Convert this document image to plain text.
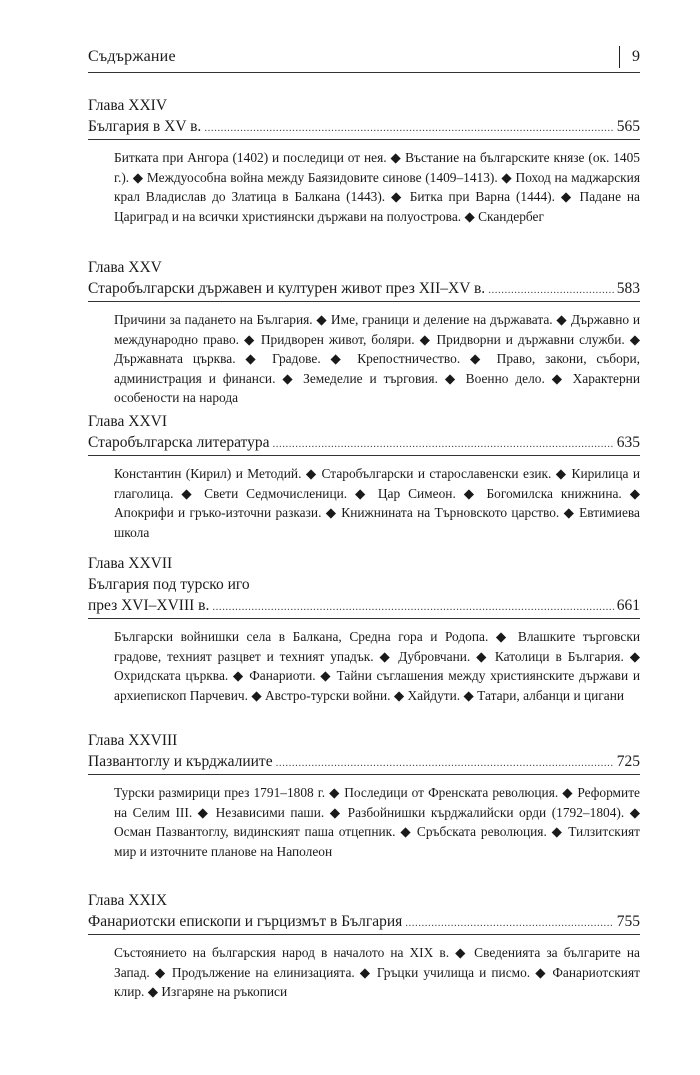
Съдържание	9
Глава XXIV
България в XV в. .....	565
Битката при Ангора (1402) и последици от нея. ◆ Въстание на българските князе (ок. 1405 г.). ◆ Междуособна война между Баязидовите синове (1409–1413). ◆ Поход на маджарския крал Владислав до Златица в Балкана (1443). ◆ Битка при Варна (1444). ◆ Падане на Цариград и на всички християнски държави на полуострова. ◆ Скандербег
Глава XXV
Старобългарски държавен и културен живот през XII–XV в. .....	583
Причини за падането на България. ◆ Име, граници и деление на държавата. ◆ Държавно и международно право. ◆ Придворен живот, боляри. ◆ Придворни и държавни служби. ◆ Държавната църква. ◆ Градове. ◆ Крепостничество. ◆ Право, закони, събори, администрация и финанси. ◆ Земеделие и търговия. ◆ Военно дело. ◆ Характерни особености на народа
Глава XXVI
Старобългарска литература .....	635
Константин (Кирил) и Методий. ◆ Старобългарски и старославенски език. ◆ Кирилица и глаголица. ◆ Свети Седмочисленици. ◆ Цар Симеон. ◆ Богомилска книжнина. ◆ Апокрифи и гръко-източни разкази. ◆ Книжнината на Търновското царство. ◆ Евтимиева школа
Глава XXVII
България под турско иго
през XVI–XVIII в. .....	661
Български войнишки села в Балкана, Средна гора и Родопа. ◆ Влашките търговски градове, техният разцвет и техният упадък. ◆ Дубровчани. ◆ Католици в България. ◆ Охридската църква. ◆ Фанариоти. ◆ Тайни съглашения между християнските държави и архиепископ Парчевич. ◆ Австро-турски войни. ◆ Хайдути. ◆ Татари, албанци и цигани
Глава XXVIII
Пазвантоглу и кърджалиите .....	725
Турски размирици през 1791–1808 г. ◆ Последици от Френската революция. ◆ Реформите на Селим III. ◆ Независими паши. ◆ Разбойнишки кърджалийски орди (1792–1804). ◆ Осман Пазвантоглу, видинският паша отцепник. ◆ Сръбската революция. ◆ Тилзитският мир и източните планове на Наполеон
Глава XXIX
Фанариотски епископи и гърцизмът в България .....	755
Състоянието на българския народ в началото на XIX в. ◆ Сведенията за българите на Запад. ◆ Продължение на елинизацията. ◆ Гръцки училища и писмо. ◆ Фанариотският клир. ◆ Изгаряне на ръкописи
